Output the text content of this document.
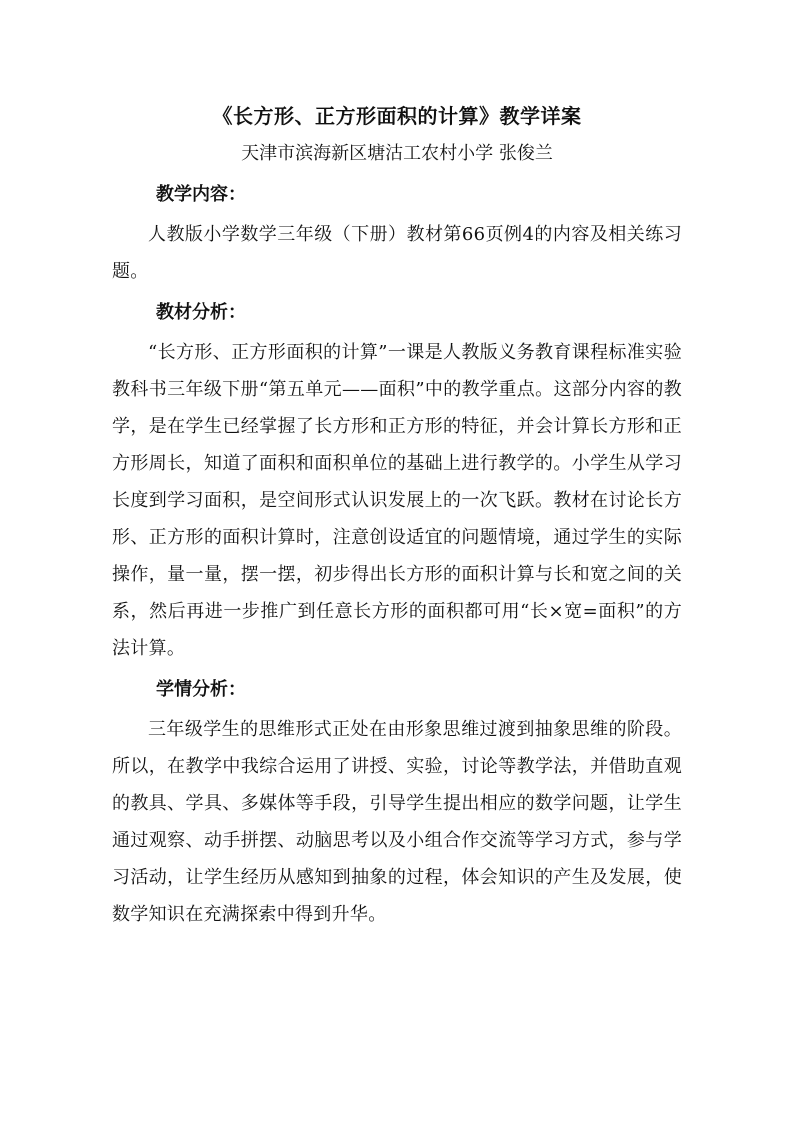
《长方形、正方形面积的计算》教学详案

天津市滨海新区塘沽工农村小学 张俊兰

教学内容：

人教版小学数学三年级（下册）教材第66页例4的内容及相关练习题。

教材分析：

“长方形、正方形面积的计算”一课是人教版义务教育课程标准实验教科书三年级下册“第五单元——面积”中的教学重点。这部分内容的教学，是在学生已经掌握了长方形和正方形的特征，并会计算长方形和正方形周长，知道了面积和面积单位的基础上进行教学的。小学生从学习长度到学习面积，是空间形式认识发展上的一次飞跃。教材在讨论长方形、正方形的面积计算时，注意创设适宜的问题情境，通过学生的实际操作，量一量，摆一摆，初步得出长方形的面积计算与长和宽之间的关系，然后再进一步推广到任意长方形的面积都可用“长×宽=面积”的方法计算。

学情分析：

三年级学生的思维形式正处在由形象思维过渡到抽象思维的阶段。所以，在教学中我综合运用了讲授、实验，讨论等教学法，并借助直观的教具、学具、多媒体等手段，引导学生提出相应的数学问题，让学生通过观察、动手拼摆、动脑思考以及小组合作交流等学习方式，参与学习活动，让学生经历从感知到抽象的过程，体会知识的产生及发展，使数学知识在充满探索中得到升华。
